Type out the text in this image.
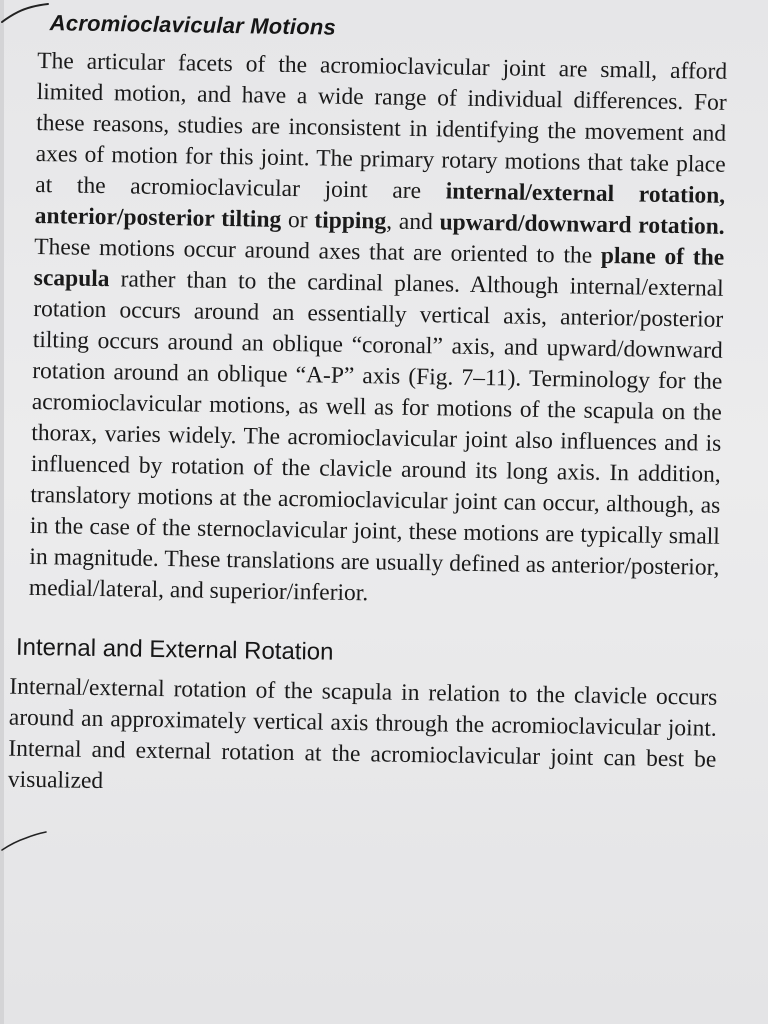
Acromioclavicular Motions

The articular facets of the acromioclavicular joint are small, afford limited motion, and have a wide range of individual differences. For these reasons, studies are inconsistent in identifying the movement and axes of motion for this joint. The primary rotary motions that take place at the acromioclavicular joint are internal/external rotation, anterior/posterior tilting or tipping, and upward/downward rotation. These motions occur around axes that are oriented to the plane of the scapula rather than to the cardinal planes. Although internal/external rotation occurs around an essentially vertical axis, anterior/posterior tilting occurs around an oblique “coronal” axis, and upward/downward rotation around an oblique “A-P” axis (Fig. 7–11). Terminology for the acromioclavicular motions, as well as for motions of the scapula on the thorax, varies widely. The acromioclavicular joint also influences and is influenced by rotation of the clavicle around its long axis. In addition, translatory motions at the acromioclavicular joint can occur, although, as in the case of the sternoclavicular joint, these motions are typically small in magnitude. These translations are usually defined as anterior/posterior, medial/lateral, and superior/inferior.

Internal and External Rotation

Internal/external rotation of the scapula in relation to the clavicle occurs around an approximately vertical axis through the acromioclavicular joint. Internal and external rotation at the acromioclavicular joint can best be visualized
